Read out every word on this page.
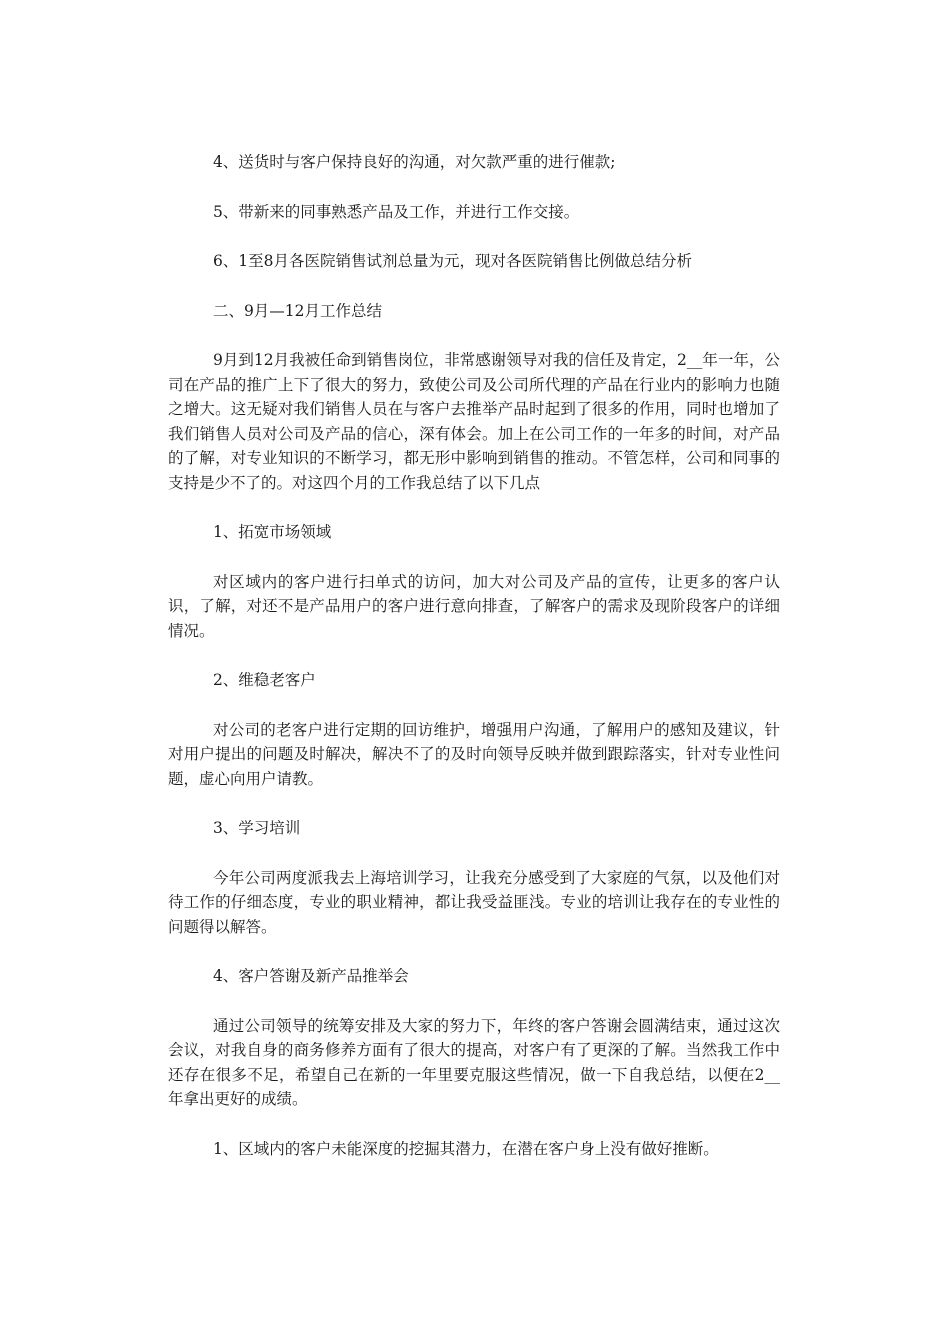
4、送货时与客户保持良好的沟通，对欠款严重的进行催款;

5、带新来的同事熟悉产品及工作，并进行工作交接。

6、1至8月各医院销售试剂总量为元，现对各医院销售比例做总结分析

二、9月—12月工作总结

9月到12月我被任命到销售岗位，非常感谢领导对我的信任及肯定，2__年一年，公司在产品的推广上下了很大的努力，致使公司及公司所代理的产品在行业内的影响力也随之增大。这无疑对我们销售人员在与客户去推举产品时起到了很多的作用，同时也增加了我们销售人员对公司及产品的信心，深有体会。加上在公司工作的一年多的时间，对产品的了解，对专业知识的不断学习，都无形中影响到销售的推动。不管怎样，公司和同事的支持是少不了的。对这四个月的工作我总结了以下几点

1、拓宽市场领域

对区域内的客户进行扫单式的访问，加大对公司及产品的宣传，让更多的客户认识，了解，对还不是产品用户的客户进行意向排查，了解客户的需求及现阶段客户的详细情况。

2、维稳老客户

对公司的老客户进行定期的回访维护，增强用户沟通，了解用户的感知及建议，针对用户提出的问题及时解决，解决不了的及时向领导反映并做到跟踪落实，针对专业性问题，虚心向用户请教。

3、学习培训

今年公司两度派我去上海培训学习，让我充分感受到了大家庭的气氛，以及他们对待工作的仔细态度，专业的职业精神，都让我受益匪浅。专业的培训让我存在的专业性的问题得以解答。

4、客户答谢及新产品推举会

通过公司领导的统筹安排及大家的努力下，年终的客户答谢会圆满结束，通过这次会议，对我自身的商务修养方面有了很大的提高，对客户有了更深的了解。当然我工作中还存在很多不足，希望自己在新的一年里要克服这些情况，做一下自我总结，以便在2__年拿出更好的成绩。

1、区域内的客户未能深度的挖掘其潜力，在潜在客户身上没有做好推断。
